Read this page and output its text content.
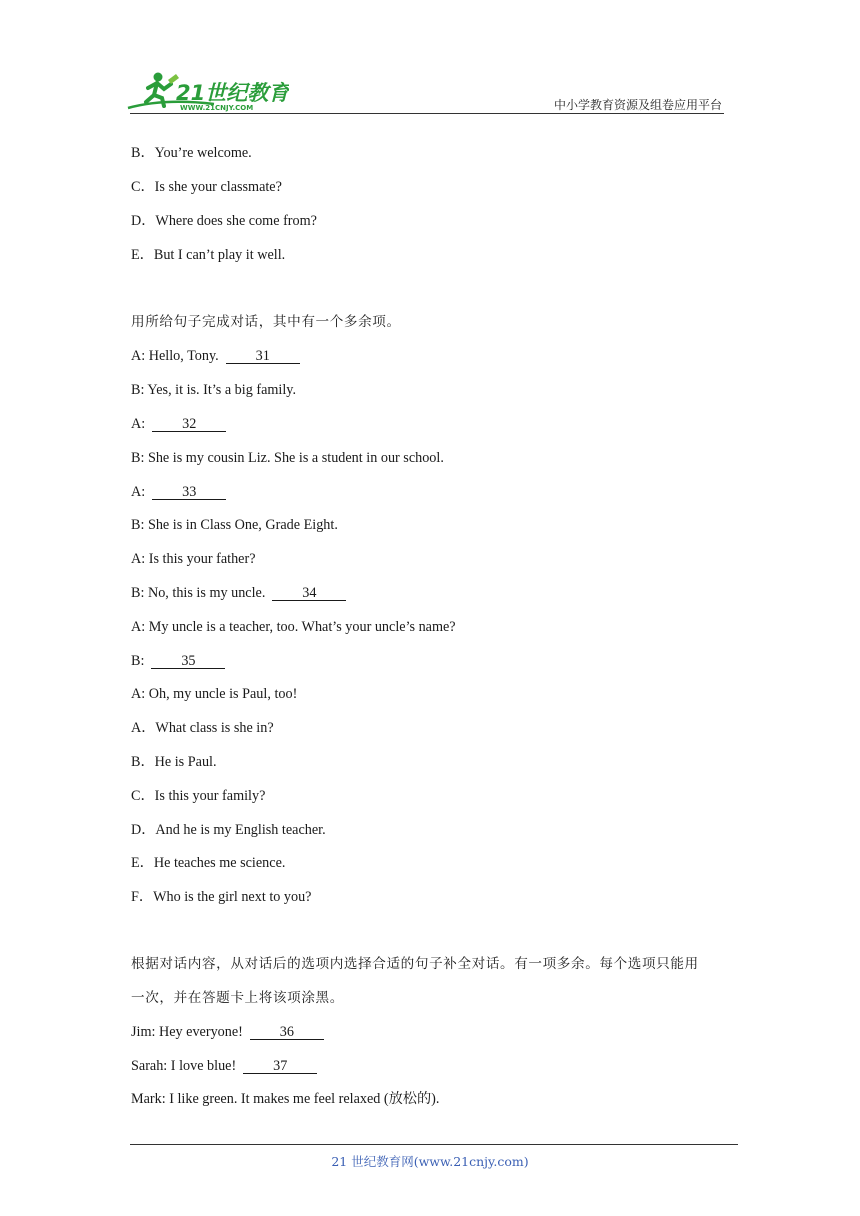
21世纪教育
WWW.21CNJY.COM	中小学教育资源及组卷应用平台
B．You’re welcome.
C．Is she your classmate?
D．Where does she come from?
E．But I can’t play it well.
用所给句子完成对话，其中有一个多余项。
A: Hello, Tony.	31
B: Yes, it is. It’s a big family.
A:	32
B: She is my cousin Liz. She is a student in our school.
A:	33
B: She is in Class One, Grade Eight.
A: Is this your father?
B: No, this is my uncle.	34
A: My uncle is a teacher, too. What’s your uncle’s name?
B:	35
A: Oh, my uncle is Paul, too!
A．What class is she in?
B．He is Paul.
C．Is this your family?
D．And he is my English teacher.
E．He teaches me science.
F．Who is the girl next to you?
根据对话内容，从对话后的选项内选择合适的句子补全对话。有一项多余。每个选项只能用
一次，并在答题卡上将该项涂黑。
Jim: Hey everyone!	36
Sarah: I love blue!	37
Mark: I like green. It makes me feel relaxed (放松的).
21 世纪教育网(www.21cnjy.com)
